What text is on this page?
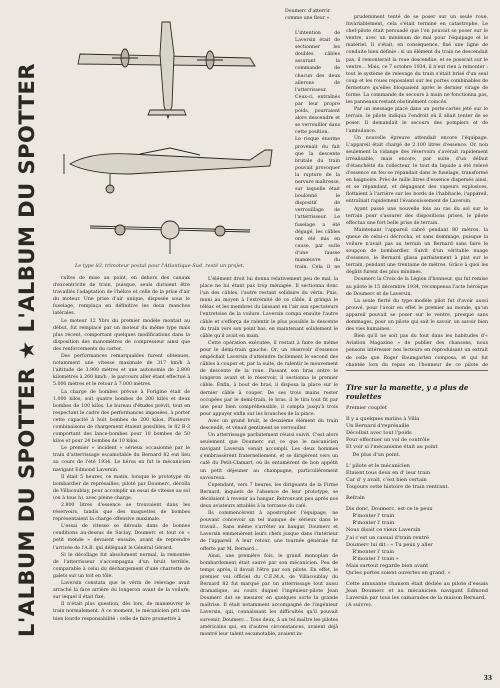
L'ALBUM DU SPOTTER ★ L'ALBUM DU SPOTTER
Doumerc d'atterrir comme une fleur ».

L'intention de Laversin était de sectionner les doubles câbles assurant la commande de chacun des deux ailerons de l'atterrisseur. Ceux-ci, entraînés par leur propre poids, pourraient alors descendre et se verrouiller dans cette position.

Le risque énorme provenait du fait que la descente brutale du train pouvait provoquer la rupture de la nervure maîtresse, sur laquelle était boulonné le dispositif de verrouillage de l'atterrisseur. Le fuselage a été dégagé, les câbles ont été mis en cause, par suite d'une fausse manœuvre du train. Cela il ne

Le type 83, trimoteur postal pour l'Atlantique-Sud, resté un projet.

cuîtes de mise au point, en dehors des canaux d'excentricité de train, puisque, seuls duraient être travaillés l'adaptation de l'hélice et celle de la prise d'air du moteur. Une prise d'air unique, disposée sous le fuselage, remplaça en définitive les deux manches latérales.

Le moteur 12 Ybrs du premier modèle montait au début, fut remplacé par un moteur du même type mais plus récent, comportant quelques modifications dans la disposition des manomètres de compresseur ainsi que des renforcements du carter.

Des performances remarquables furent obtenues, notamment une vitesse maximale de 317 km/h à l'altitude de 3.900 mètres et une autonomie de 2.800 kilomètres à 260 km/h ; le parcours aller étant effectué à 5.000 mètres et le retour à 7.000 mètres.

La charge de bombes prévue à Forigine était de 1.000 kilos, soit quatre bombes de 200 kilos et deux bombes de 100 kilos. Le bureau d'études prévit, tout en respectant le cadre des performances imposées, à porter cette capacité à huit bombes de 200 kilos. Plusieurs combinaisons de chargement étaient possibles, le 82 B-3 comportant des lance-bombes pour 10 bombes de 50 kilos et pour 24 bombes de 10 kilos.

Le premier « incident » sérieux occasionné par le train d'atterrissage escamotable du Bernard 82 eut lieu au cours de l'été 1934. Le héros en fut le mécanicien navigant Edmond Laversin.

Il était 5 heures, ce matin, lorsque le prototype du bombardier de représailles, piloté par Doumerc, décolla de Villacoublay, pour accomplir un essai de vitesse au sol (ou à tous h), avec pleine charge.

2.800 litres d'essence se trouvaient dans les réservoirs, tandis que des maquettes de bombes représentaient la charge offensive maximale.

L'essai de vitesse se déroula dans de bonnes conditions au-dessus de Saclay. Doumerc et tout ce « petit monde » devaient ensuite, avant de reprendre l'arrivée de l'A.B. qui déléguait le Général Gérard.

Si le décollage fut absolument normal, la remontée de l'atterrisseur s'accompagna d'un bruit terrible, comparable à celui du déchargement d'une charrette de galets sur un toit en tôle.

Laversin constata que le vérin de relevage avait arraché la face arrière du longeron avant de la voilure, sur lequel il était fixé.

Il n'était plus question, dès lors, de manœuvrer le train normalement. A ce moment, le mécanicien prit une bien lourde responsabilité : celle de faire promettre à

L'élément droit lui donna relativement peu de mal, la place ne lui étant pas trop ménagée. Il sectionna donc l'un des câbles, l'autre restant solidaire du vérin. Puis, muni au moyen à l'extrémité de ce câble, il grimpa le téléac et les membres du laissant en l'air aux spectateurs l'entretoise de la voilure. Laversin compa ensuite l'autre câble et s'efforça de ralentir le plus possible la descente du train vers son point bas, en maintenant solidement le câble qu'il avait en main.

Cette opération exécutée, il restait à faire de même pour le demi-train gauche. Or, un réservoir d'essence empêchait Laversin d'atteindre facilement le second des câbles à couper et, par la suite, de ralentir le mouvement de descente de la roue. Passant son bras entre le longeron avant et le réservoir, il sectionna le premier câble. Enfin, à bout de bras, il disposa la place sur le dernier câble à couper. De ses trois mains rester occupées par le demi-train, le bras, il le tira tout fit par une peur bien compréhensible, il compta jusqu'à trois pour appuyer enfin sur les branches de la pince.

Avec un grand bruit, le deuxième élément du train descendit, et venait gentiment se verrouiller.

Un atterrissage parfaitement réussi suivit. C'est alors seulement que Doumerc sut ce que le mécanicien navigant Laversin venait accompli. Les deux hommes s'embrassèrent fraternellement, et se dirigèrent vers un café du Petit-Clamart, où ils entamèrent de bon appétit un petit déjeuner au champagne, particulièrement savoureux.

Cependant, vers 7 heures, les dirigeants de la Firme Bernard, inquiets de l'absence de leur prototype, se décidaient à revenir au hangar. Retrouvant peu après nos deux aviateurs attablés à la terrasse du café.

Ils commencèrent à apostropher l'équipage, ne pouvant concevoir un tel manque de sérieux dans le travail... Sans même s'arrêter au hangar, Doumerc et Laversin emmenèrent leurs chefs jusque dans l'intérieur de l'appareil. A leur retour, une tournée générale fut offerte par M. Bernard...

Ainsi, une première fois, le grand monoplan de bombardement était sauvé par son mécanicien. Peu de temps après, il devait l'être par son pilote. En effet, le premier vol officiel du C.E.M.A. de Villacoublay du Bernard 82 fut marqué par un atterrissage tout aussi dramatique, au cours duquel l'ingénieur-pilote Jean Doumerc dut se mesurer en quelques sorte la grande maîtrise. Il était notamment accompagné de l'ingénieur Laversin, qui, connaissant les difficultés qu'il pouvait survenir, Doumerc... Tous deux, à un tel maître les pilotes américains qui, en d'autres circonstances, avaient déjà montré leur talent escamotable, avaient in-

prudemment tenté de se poser sur un seule roue. Invariablement, cela s'était terminé en catastrophe. Le chef-pilote était persuadé que l'on pouvait se poser sur le ventre, avec un minimum de mal pour l'équipage et le matériel. Il s'était, en conséquence, fixé une ligne de conduite bien définie : si un élément du train ne descendait pas, il remonterait la roue descendue, et se poserait sur le ventre... Mais, ce 7 octobre 1934, il n'eut rien à remonter : tout le système de relevage du train s'était brisé d'un seul coup et les roues reposaient sur les portes combinables de fermeture qu'elles bloquaient après le dernier virage de forme. La commande de secours à main ne fonctionna pas, les panneaux restant obstinément coincés.

Par un message placé dans un porte-cartes jeté sur le terrain, le pilote indiqua l'endroit où il allait tenter de se poser. Il demandait le secours des pompiers et de l'ambulance.

Un nouvelle épreuve attendait encore l'équipage. L'appareil était chargé de 2.100 litres d'essence. Or, non seulement la vidange des réservoirs s'avérait rapidement irréalisable, mais encore, par suite d'un défaut d'étanchéité du collecteur, le tout du liquide a été relevé d'essence en feu se répandait dans le fuselage, transformé en baignoire. Près de mille litres d'essence dispersés ainsi, et se répandant, et dégageant des vapeurs explosives, flottaient à l'arrière sur les bords de l'habitacle, l'appareil, entraînait rapidement l'évanouissement de Laversin.

Ayant passé une nouvelle fois au ras du sol sur le terrain pour s'assurer des dispositions prises, le pilote effectua une fort belle prise de terrain.

Maintenant l'appareil cabré pendant 80 mètres, la queue de celui-ci décrocha, et sans dommage, puisque la voilure n'avait pas au terrain un Bernard sans faire le soupçon de bombardier. Suivit d'un véritable nuage d'essence, le Bernard glissa parfaitement à plat sur le terrain, pendant une trentaine de mètres. Grâce à quoi les dégâts furent des plus minimes.

Doumerc la Croix de la Légion d'honneur, qui fut remise au pilote le 15 décembre 1934, récompensa l'acte héroïque de Doumerc et de Laversin.

La seule fierté du type modèle pilot fut d'avoir aussi prouvé, pour l'avoir eu effet le premier au monde, qu'un appareil pouvait se poser sur le ventre, presque sans dommages, pour un pilote qui sait le savoir, un savoir bien des vies humaines.

Bien qu'il ne soit pas du tout dans les habitudes d'« Aviation Magazine » de publier des chansons, nous pensons intéresser nos lecteurs en reproduisant un extrait de celle que Roger Baumgarten composa, et qui fut chantée lors du repas en l'honneur de ce pilote de

Tire sur la manette, y a plus de roulettes
Premier couplet
Il y a quelques matins à Villa
Un Bernard d'représaille
Décollait avec tout l'poids
Pour effectuer un vol de contrôle
Et voir si l'mécanisme était au point
De plus d'un point.
L' pilote et le mécanicien
Étaient tous deux en d' leur train
Car d' y avait, c'est bien certain
Toujours cette histoire de train rentrant.
Refrain
Dis donc, Doumerc, est-ce le peux
R'monter l' train
R'monter l' train
Nous disait ce vieux Laversin
J'ai c'est un casual d'train rentré
Doumerc lui dit : « Tu peux y aller
R'monter l' train
R'monter l' train »
Mais surtout regarde bien avant
Qu'les portes soient ouvertes en grand. »
Cette amusante chanson était dédiée au pilote d'essais Jean Doumerc et au mécanicien navigant Edmond Laversin par tous les camarades de la maison Bernard.
(A suivre).
33
